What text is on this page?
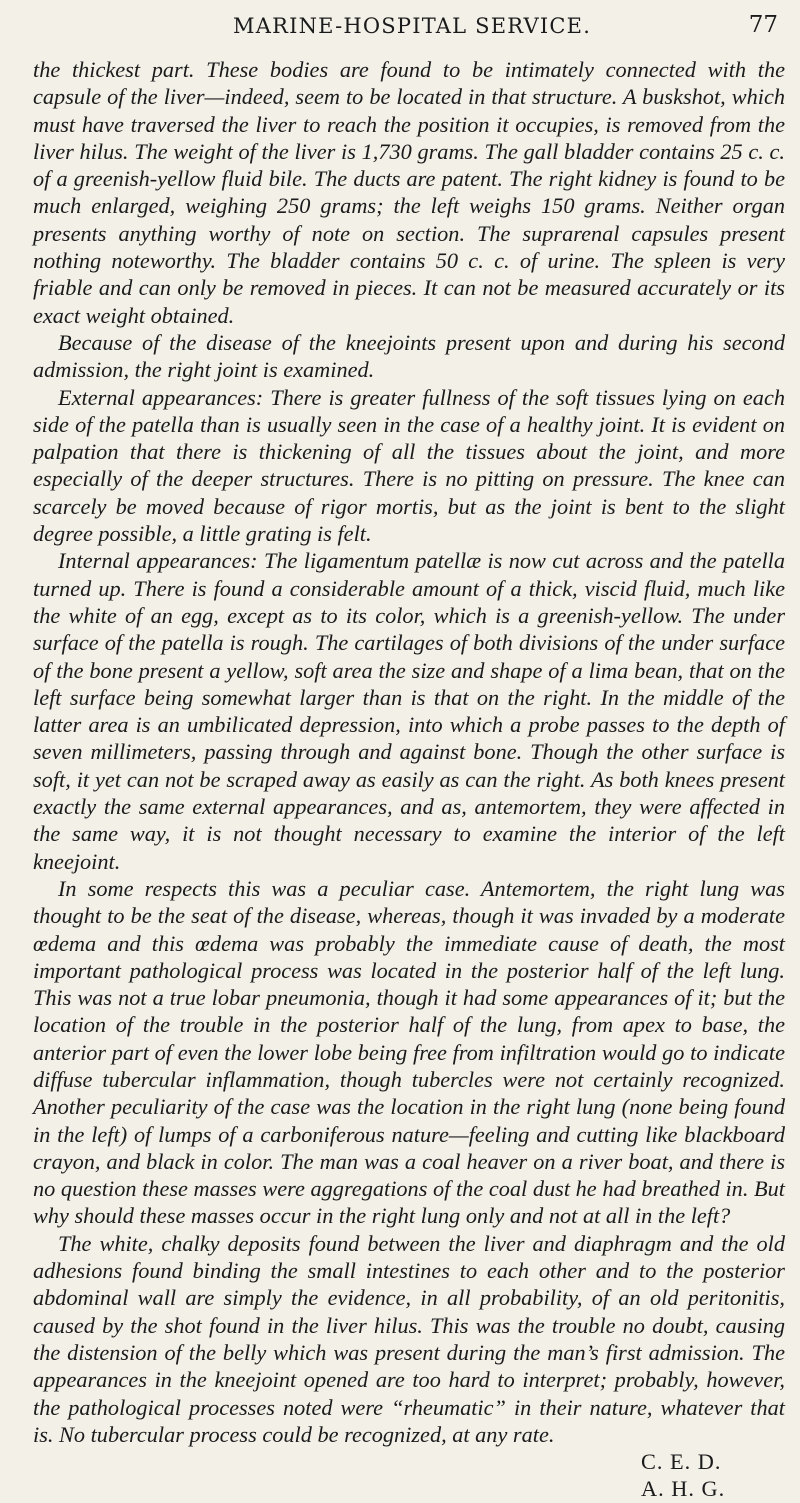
MARINE-HOSPITAL SERVICE.	77

the thickest part. These bodies are found to be intimately connected with the capsule of the liver—indeed, seem to be located in that structure. A buskshot, which must have traversed the liver to reach the position it occupies, is removed from the liver hilus. The weight of the liver is 1,730 grams. The gall bladder contains 25 c. c. of a greenish-yellow fluid bile. The ducts are patent. The right kidney is found to be much enlarged, weighing 250 grams; the left weighs 150 grams. Neither organ presents anything worthy of note on section. The suprarenal capsules present nothing noteworthy. The bladder contains 50 c. c. of urine. The spleen is very friable and can only be removed in pieces. It can not be measured accurately or its exact weight obtained.

Because of the disease of the kneejoints present upon and during his second admission, the right joint is examined.

External appearances: There is greater fullness of the soft tissues lying on each side of the patella than is usually seen in the case of a healthy joint. It is evident on palpation that there is thickening of all the tissues about the joint, and more especially of the deeper structures. There is no pitting on pressure. The knee can scarcely be moved because of rigor mortis, but as the joint is bent to the slight degree possible, a little grating is felt.

Internal appearances: The ligamentum patellæ is now cut across and the patella turned up. There is found a considerable amount of a thick, viscid fluid, much like the white of an egg, except as to its color, which is a greenish-yellow. The under surface of the patella is rough. The cartilages of both divisions of the under surface of the bone present a yellow, soft area the size and shape of a lima bean, that on the left surface being somewhat larger than is that on the right. In the middle of the latter area is an umbilicated depression, into which a probe passes to the depth of seven millimeters, passing through and against bone. Though the other surface is soft, it yet can not be scraped away as easily as can the right. As both knees present exactly the same external appearances, and as, antemortem, they were affected in the same way, it is not thought necessary to examine the interior of the left kneejoint.

In some respects this was a peculiar case. Antemortem, the right lung was thought to be the seat of the disease, whereas, though it was invaded by a moderate œdema and this œdema was probably the immediate cause of death, the most important pathological process was located in the posterior half of the left lung. This was not a true lobar pneumonia, though it had some appearances of it; but the location of the trouble in the posterior half of the lung, from apex to base, the anterior part of even the lower lobe being free from infiltration would go to indicate diffuse tubercular inflammation, though tubercles were not certainly recognized. Another peculiarity of the case was the location in the right lung (none being found in the left) of lumps of a carboniferous nature—feeling and cutting like blackboard crayon, and black in color. The man was a coal heaver on a river boat, and there is no question these masses were aggregations of the coal dust he had breathed in. But why should these masses occur in the right lung only and not at all in the left?

The white, chalky deposits found between the liver and diaphragm and the old adhesions found binding the small intestines to each other and to the posterior abdominal wall are simply the evidence, in all probability, of an old peritonitis, caused by the shot found in the liver hilus. This was the trouble no doubt, causing the distension of the belly which was present during the man’s first admission. The appearances in the kneejoint opened are too hard to interpret; probably, however, the pathological processes noted were “rheumatic” in their nature, whatever that is. No tubercular process could be recognized, at any rate.

C. E. D.

A. H. G.
